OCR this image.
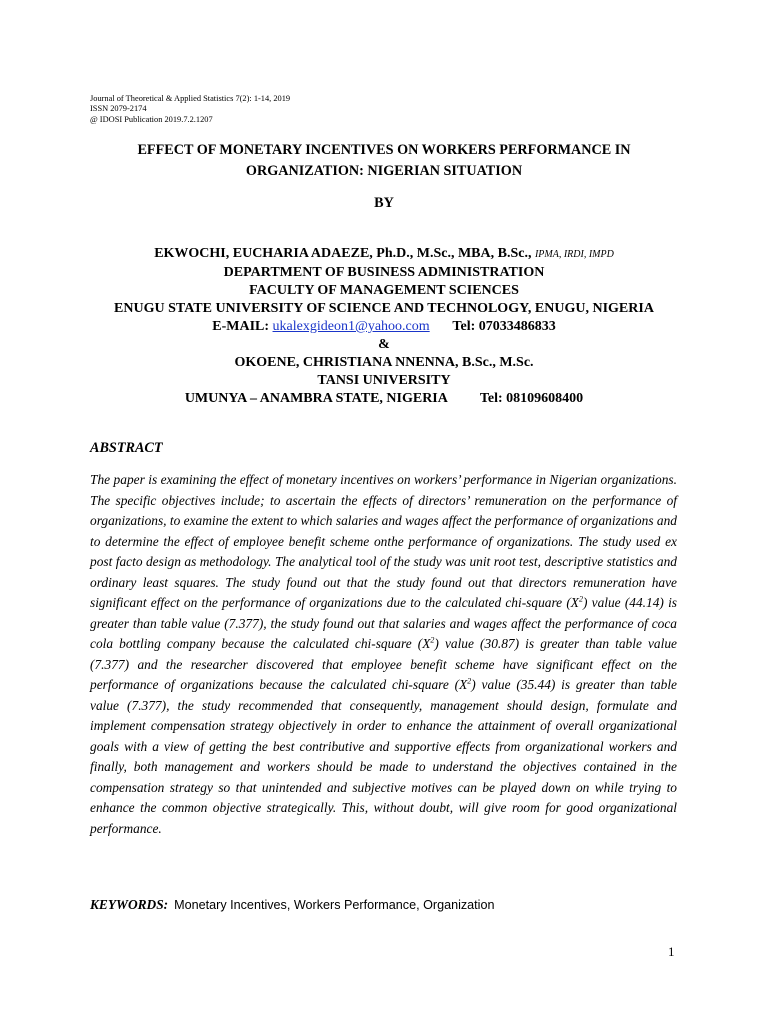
Journal of Theoretical & Applied Statistics 7(2): 1-14, 2019
ISSN 2079-2174
@ IDOSI Publication 2019.7.2.1207
EFFECT OF MONETARY INCENTIVES ON WORKERS PERFORMANCE IN
ORGANIZATION: NIGERIAN SITUATION
BY
EKWOCHI, EUCHARIA ADAEZE, Ph.D., M.Sc., MBA, B.Sc., IPMA, IRDI, IMPD
DEPARTMENT OF BUSINESS ADMINISTRATION
FACULTY OF MANAGEMENT SCIENCES
ENUGU STATE UNIVERSITY OF SCIENCE AND TECHNOLOGY, ENUGU, NIGERIA
E-MAIL: ukalexgideon1@yahoo.com Tel: 07033486833
&
OKOENE, CHRISTIANA NNENNA, B.Sc., M.Sc.
TANSI UNIVERSITY
UMUNYA – ANAMBRA STATE, NIGERIA Tel: 08109608400
ABSTRACT
The paper is examining the effect of monetary incentives on workers’ performance in Nigerian organizations. The specific objectives include; to ascertain the effects of directors’ remuneration on the performance of organizations, to examine the extent to which salaries and wages affect the performance of organizations and to determine the effect of employee benefit scheme onthe performance of organizations. The study used ex post facto design as methodology. The analytical tool of the study was unit root test, descriptive statistics and ordinary least squares. The study found out that the study found out that directors remuneration have significant effect on the performance of organizations due to the calculated chi-square $(X^2)$ value (44.14) is greater than table value (7.377), the study found out that salaries and wages affect the performance of coca cola bottling company because the calculated chi-square $(X^2)$ value (30.87) is greater than table value (7.377) and the researcher discovered that employee benefit scheme have significant effect on the performance of organizations because the calculated chi-square $(X^2)$ value (35.44) is greater than table value (7.377), the study recommended that consequently, management should design, formulate and implement compensation strategy objectively in order to enhance the attainment of overall organizational goals with a view of getting the best contributive and supportive effects from organizational workers and finally, both management and workers should be made to understand the objectives contained in the compensation strategy so that unintended and subjective motives can be played down on while trying to enhance the common objective strategically. This, without doubt, will give room for good organizational performance.
KEYWORDS: Monetary Incentives, Workers Performance, Organization
1
